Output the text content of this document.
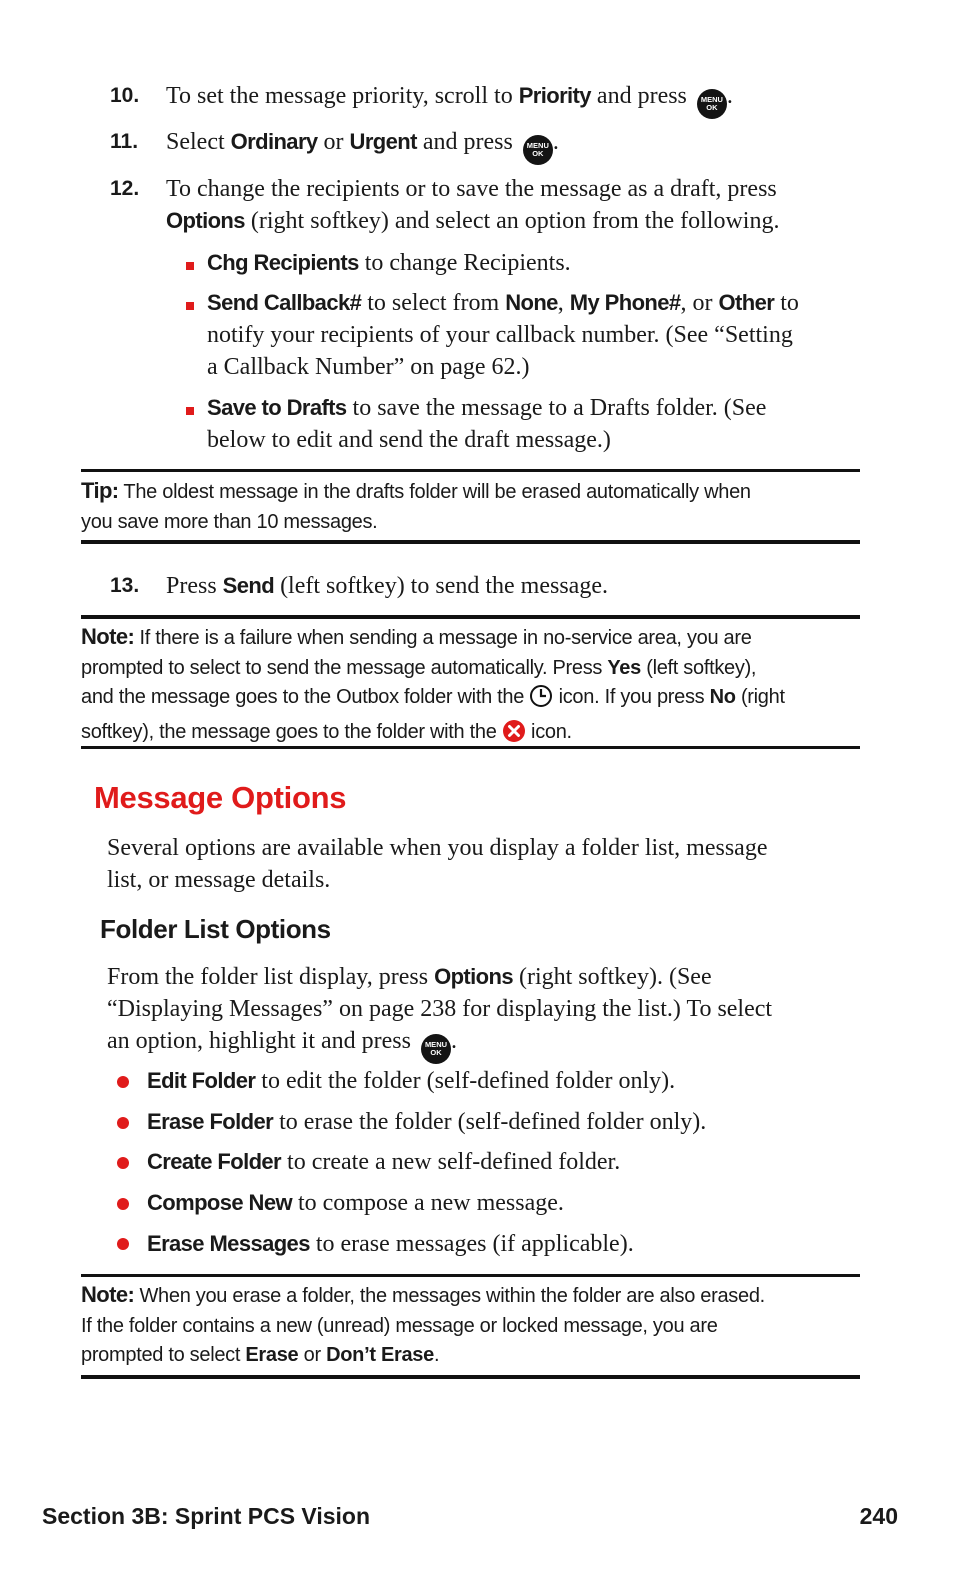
10. To set the message priority, scroll to Priority and press MENU
OK .
11. Select Ordinary or Urgent and press MENU
OK .
12. To change the recipients or to save the message as a draft, press
Options (right softkey) and select an option from the following.
Chg Recipients to change Recipients.
Send Callback# to select from None, My Phone#, or Other to
notify your recipients of your callback number. (See “Setting
a Callback Number” on page 62.)
Save to Drafts to save the message to a Drafts folder. (See
below to edit and send the draft message.)
Tip: The oldest message in the drafts folder will be erased automatically when
you save more than 10 messages.
13. Press Send (left softkey) to send the message.
Note: If there is a failure when sending a message in no-service area, you are
prompted to select to send the message automatically. Press Yes (left softkey),
and the message goes to the Outbox folder with the  icon. If you press No (right
softkey), the message goes to the folder with the  icon.
Message Options
Several options are available when you display a folder list, message
list, or message details.
Folder List Options
From the folder list display, press Options (right softkey). (See
“Displaying Messages” on page 238 for displaying the list.) To select
an option, highlight it and press MENU
OK .
Edit Folder to edit the folder (self-defined folder only).
Erase Folder to erase the folder (self-defined folder only).
Create Folder to create a new self-defined folder.
Compose New to compose a new message.
Erase Messages to erase messages (if applicable).
Note: When you erase a folder, the messages within the folder are also erased.
If the folder contains a new (unread) message or locked message, you are
prompted to select Erase or Don’t Erase.
Section 3B: Sprint PCS Vision	240
